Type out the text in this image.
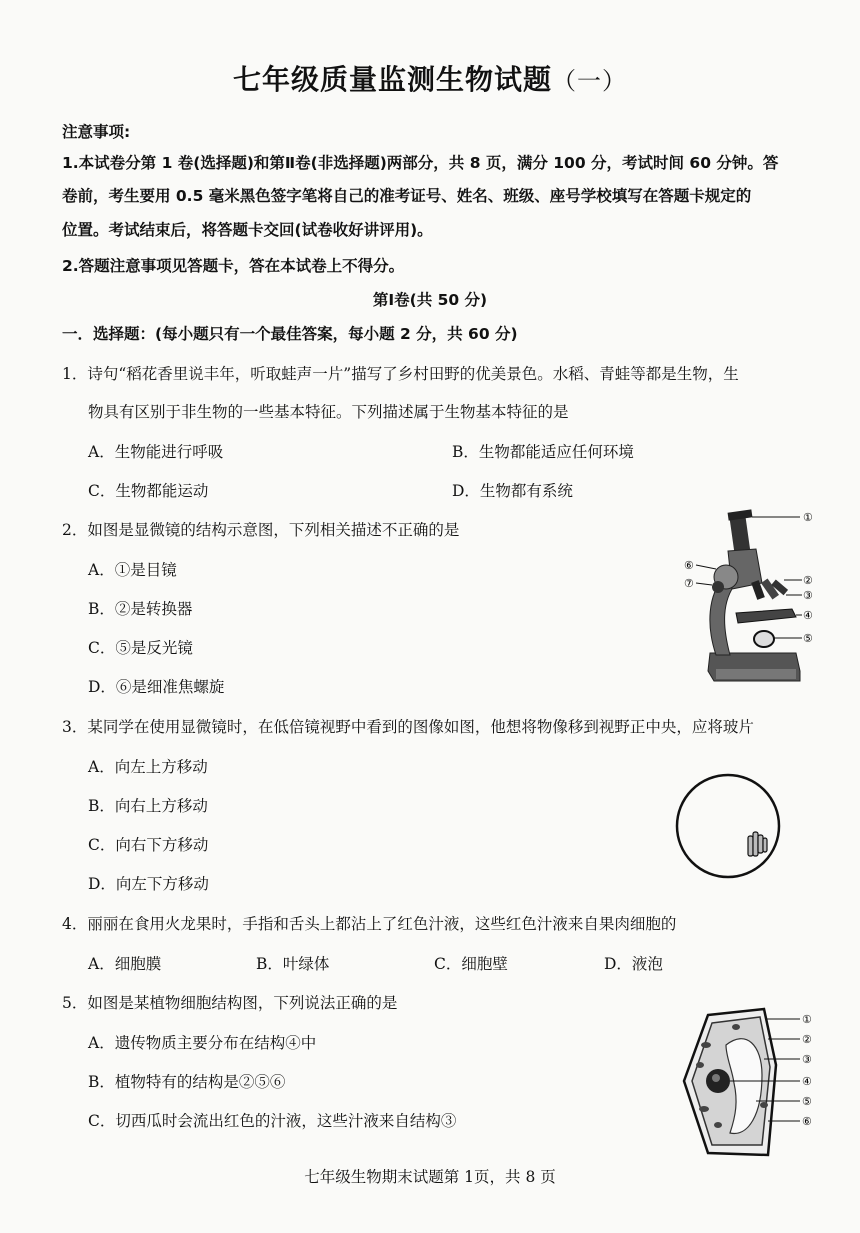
七年级质量监测生物试题（一）
注意事项:
1.本试卷分第 1 卷(选择题)和第Ⅱ卷(非选择题)两部分，共 8 页，满分 100 分，考试时间 60 分钟。答
卷前，考生要用 0.5 毫米黑色签字笔将自己的准考证号、姓名、班级、座号学校填写在答题卡规定的
位置。考试结束后，将答题卡交回(试卷收好讲评用)。
2.答题注意事项见答题卡，答在本试卷上不得分。
第Ⅰ卷(共 50 分)
一．选择题：(每小题只有一个最佳答案，每小题 2 分，共 60 分)
1．诗句“稻花香里说丰年，听取蛙声一片”描写了乡村田野的优美景色。水稻、青蛙等都是生物，生
物具有区别于非生物的一些基本特征。下列描述属于生物基本特征的是
A．生物能进行呼吸	B．生物都能适应任何环境
C．生物都能运动	D．生物都有系统
2．如图是显微镜的结构示意图，下列相关描述不正确的是
A．①是目镜
B．②是转换器
C．⑤是反光镜
D．⑥是细准焦螺旋
①
②
③
④
⑤
⑥
⑦
3．某同学在使用显微镜时，在低倍镜视野中看到的图像如图，他想将物像移到视野正中央，应将玻片
A．向左上方移动
B．向右上方移动
C．向右下方移动
D．向左下方移动
4．丽丽在食用火龙果时，手指和舌头上都沾上了红色汁液，这些红色汁液来自果肉细胞的
A．细胞膜	B．叶绿体	C．细胞壁	D．液泡
5．如图是某植物细胞结构图，下列说法正确的是
A．遗传物质主要分布在结构④中
B．植物特有的结构是②⑤⑥
C．切西瓜时会流出红色的汁液，这些汁液来自结构③
①
②
③
④
⑤
⑥
七年级生物期末试题第 1页，共 8 页
